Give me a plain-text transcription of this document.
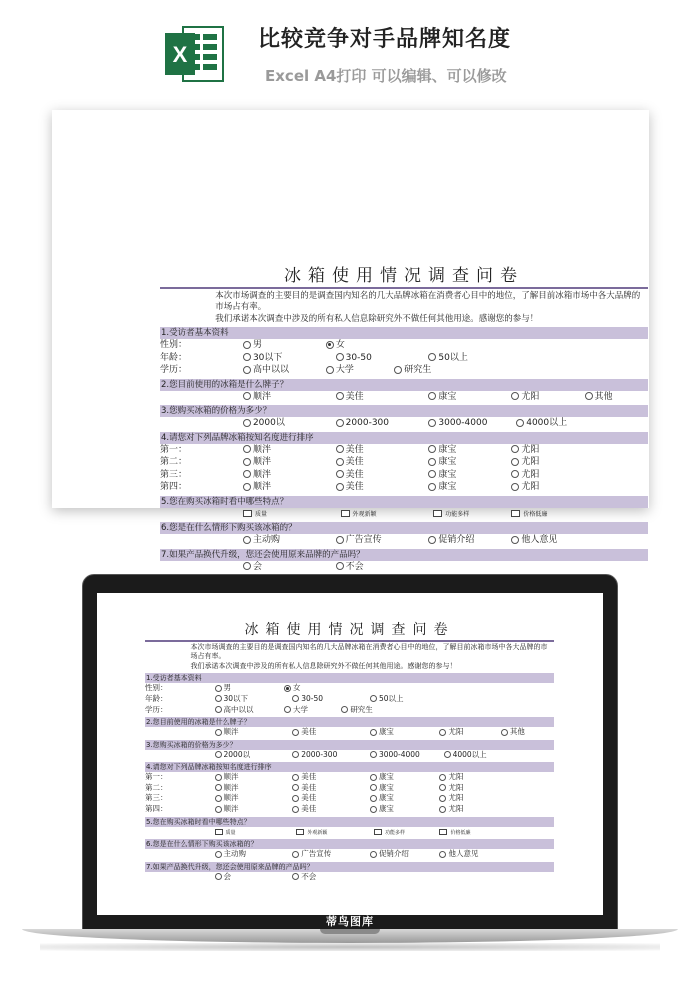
X
比较竞争对手品牌知名度
Excel A4打印 可以编辑、可以修改
冰箱使用情况调查问卷
本次市场调查的主要目的是调查国内知名的几大品牌冰箱在消费者心目中的地位，了解目前冰箱市场中各大品牌的市场占有率。
我们承诺本次调查中涉及的所有私人信息除研究外不做任何其他用途。感谢您的参与！
1.受访者基本资料
性别：	男	女
年龄：	30以下	30-50	50以上
学历：	高中以以	大学	研究生
2.您目前使用的冰箱是什么牌子？
顺泮	美佳	康宝	尤阳	其他
3.您购买冰箱的价格为多少？
2000以	2000-300	3000-4000	4000以上
4.请您对下列品牌冰箱按知名度进行排序
第一：	顺泮	美佳	康宝	尤阳
第二：	顺泮	美佳	康宝	尤阳
第三：	顺泮	美佳	康宝	尤阳
第四：	顺泮	美佳	康宝	尤阳
5.您在购买冰箱时看中哪些特点？
质量	外观新颖	功能多样	价格低廉
6.您是在什么情形下购买该冰箱的？
主动购	广告宣传	促销介绍	他人意见
7.如果产品换代升级，您还会使用原来品牌的产品吗？
会	不会
冰箱使用情况调查问卷
本次市场调查的主要目的是调查国内知名的几大品牌冰箱在消费者心目中的地位，了解目前冰箱市场中各大品牌的市场占有率。
我们承诺本次调查中涉及的所有私人信息除研究外不做任何其他用途。感谢您的参与！
1.受访者基本资料
性别：	男	女
年龄：	30以下	30-50	50以上
学历：	高中以以	大学	研究生
2.您目前使用的冰箱是什么牌子？
顺泮	美佳	康宝	尤阳	其他
3.您购买冰箱的价格为多少？
2000以	2000-300	3000-4000	4000以上
4.请您对下列品牌冰箱按知名度进行排序
第一：	顺泮	美佳	康宝	尤阳
第二：	顺泮	美佳	康宝	尤阳
第三：	顺泮	美佳	康宝	尤阳
第四：	顺泮	美佳	康宝	尤阳
5.您在购买冰箱时看中哪些特点？
质量	外观新颖	功能多样	价格低廉
6.您是在什么情形下购买该冰箱的？
主动购	广告宣传	促销介绍	他人意见
7.如果产品换代升级，您还会使用原来品牌的产品吗？
会	不会
蒂鸟图库
